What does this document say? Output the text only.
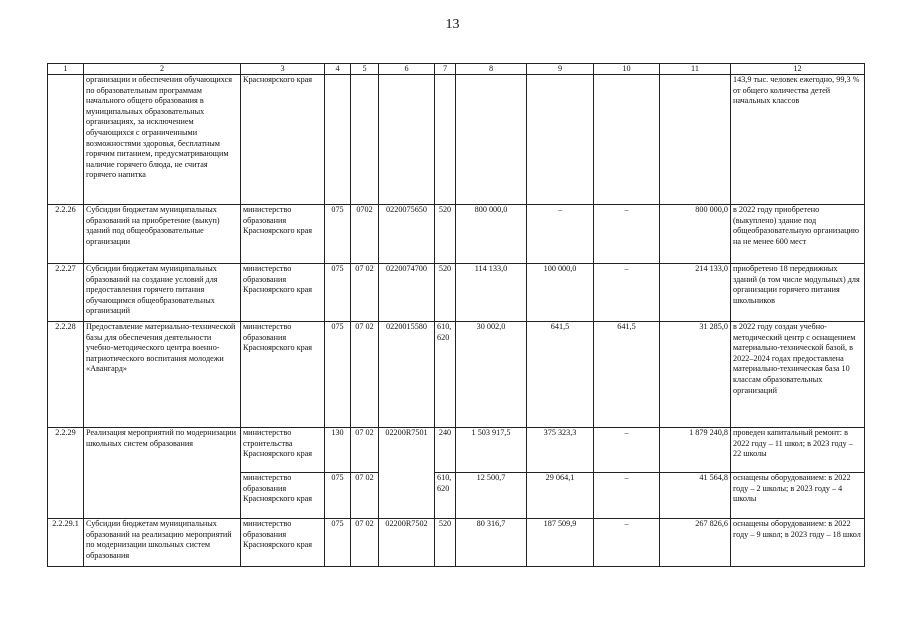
13
1	2	3	4	5	6	7	8	9	10	11	12
	организации и обеспечения обучающихся по образовательным программам начального общего образования в муниципальных образовательных организациях, за исключением обучающихся с ограниченными возможностями здоровья, бесплатным горячим питанием, предусматривающим наличие горячего блюда, не считая горячего напитка	Красноярского края									143,9 тыс. человек ежегодно, 99,3 % от общего количества детей начальных классов
2.2.26	Субсидии бюджетам муниципальных образований на приобретение (выкуп) зданий под общеобразовательные организации	министерство образования Красноярского края	075	0702	0220075650	520	800 000,0	–	–	800 000,0	в 2022 году приобретено (выкуплено) здание под общеобразовательную организацию на не менее 600 мест
2.2.27	Субсидии бюджетам муниципальных образований на создание условий для предоставления горячего питания обучающимся общеобразовательных организаций	министерство образования Красноярского края	075	07 02	0220074700	520	114 133,0	100 000,0	–	214 133,0	приобретено 18 передвижных зданий (в том числе модульных) для организации горячего питания школьников
2.2.28	Предоставление материально-технической базы для обеспечения деятельности учебно-методического центра военно-патриотического воспитания молодежи «Авангард»	министерство образования Красноярского края	075	07 02	0220015580	610, 620	30 002,0	641,5	641,5	31 285,0	в 2022 году создан учебно-методический центр с оснащением материально-технической базой, в 2022–2024 годах предоставлена материально-техническая база 10 классам образовательных организаций
2.2.29	Реализация мероприятий по модернизации школьных систем образования	министерство строительства Красноярского края	130	07 02	02200R7501	240	1 503 917,5	375 323,3	–	1 879 240,8	проведен капитальный ремонт: в 2022 году – 11 школ; в 2023 году – 22 школы
		министерство образования Красноярского края	075	07 02		610, 620	12 500,7	29 064,1	–	41 564,8	оснащены оборудованием: в 2022 году – 2 школы; в 2023 году – 4 школы
2.2.29.1	Субсидии бюджетам муниципальных образований на реализацию мероприятий по модернизации школьных систем образования	министерство образования Красноярского края	075	07 02	02200R7502	520	80 316,7	187 509,9	–	267 826,6	оснащены оборудованием: в 2022 году – 9 школ; в 2023 году – 18 школ
